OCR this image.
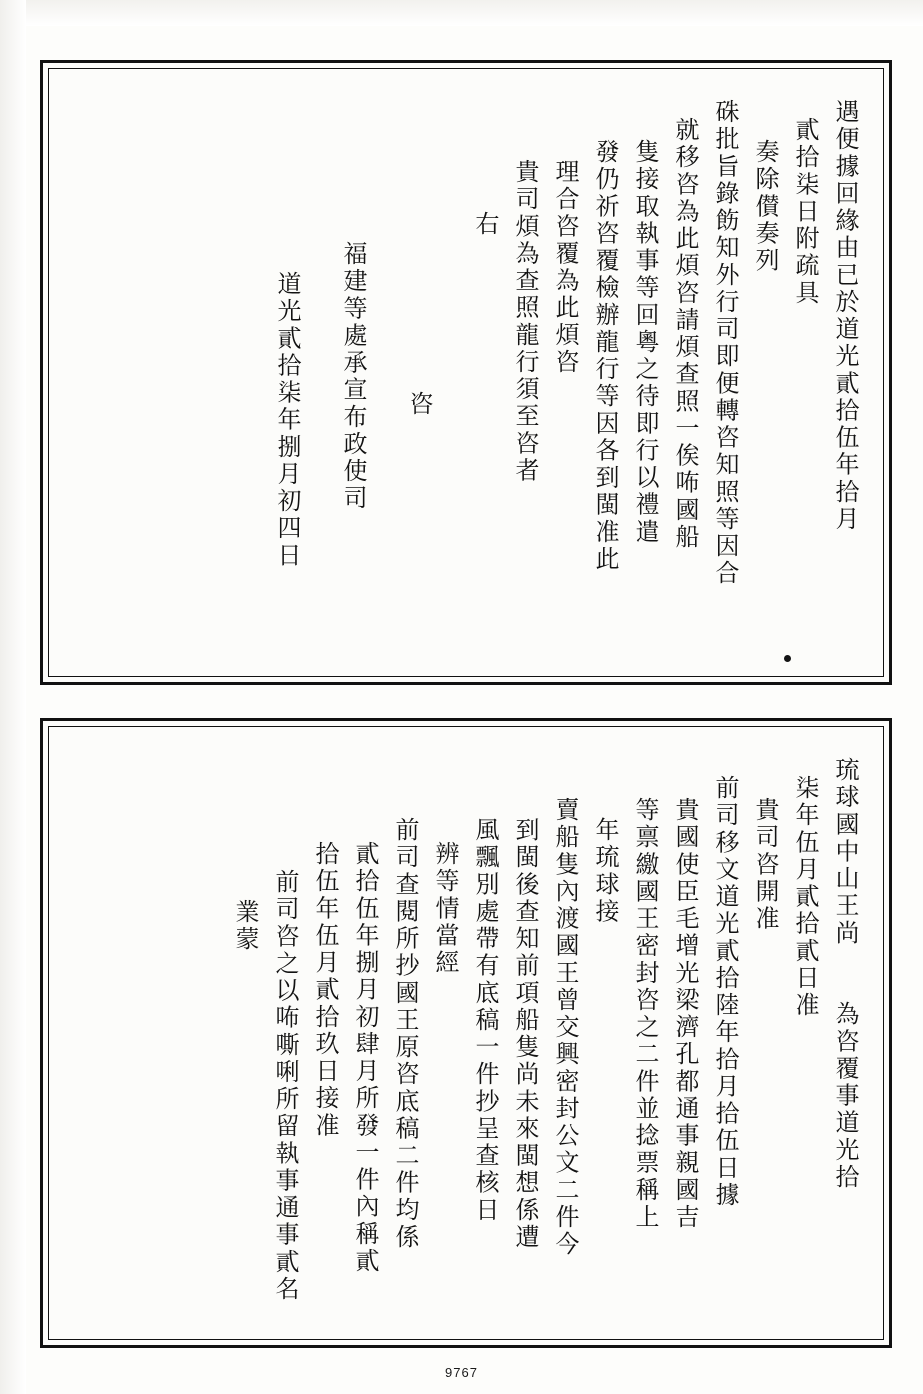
遇便據回緣由已於道光貳拾伍年拾月
貳拾柒日附疏具
奏除儧奏列
硃批旨錄飭知外行司即便轉咨知照等因合
就移咨為此煩咨請煩查照一俟咘國船
隻接取執事等回粵之待即行以禮遣
發仍祈咨覆檢辦龍行等因各到閩准此
理合咨覆為此煩咨
貴司煩為查照龍行須至咨者
右
咨
福建等處承宣布政使司
道光貳拾柒年捌月初四日
琉球國中山王尚　　為咨覆事道光拾
柒年伍月貳拾貳日准
貴司咨開准
前司移文道光貳拾陸年拾月拾伍日據
貴國使臣毛增光梁濟孔都通事親國吉
等禀繳國王密封咨之二件並捻票稱上
年琉球接
賣船隻內渡國王曾交興密封公文二件今
到閩後查知前項船隻尚未來閩想係遭
風飄別處帶有底稿一件抄呈查核日
辨等情當經
前司查閱所抄國王原咨底稿二件均係
貳拾伍年捌月初肆月所發一件內稱貳
拾伍年伍月貳拾玖日接准
前司咨之以咘嘶唎所留執事通事貳名
業蒙
9767
